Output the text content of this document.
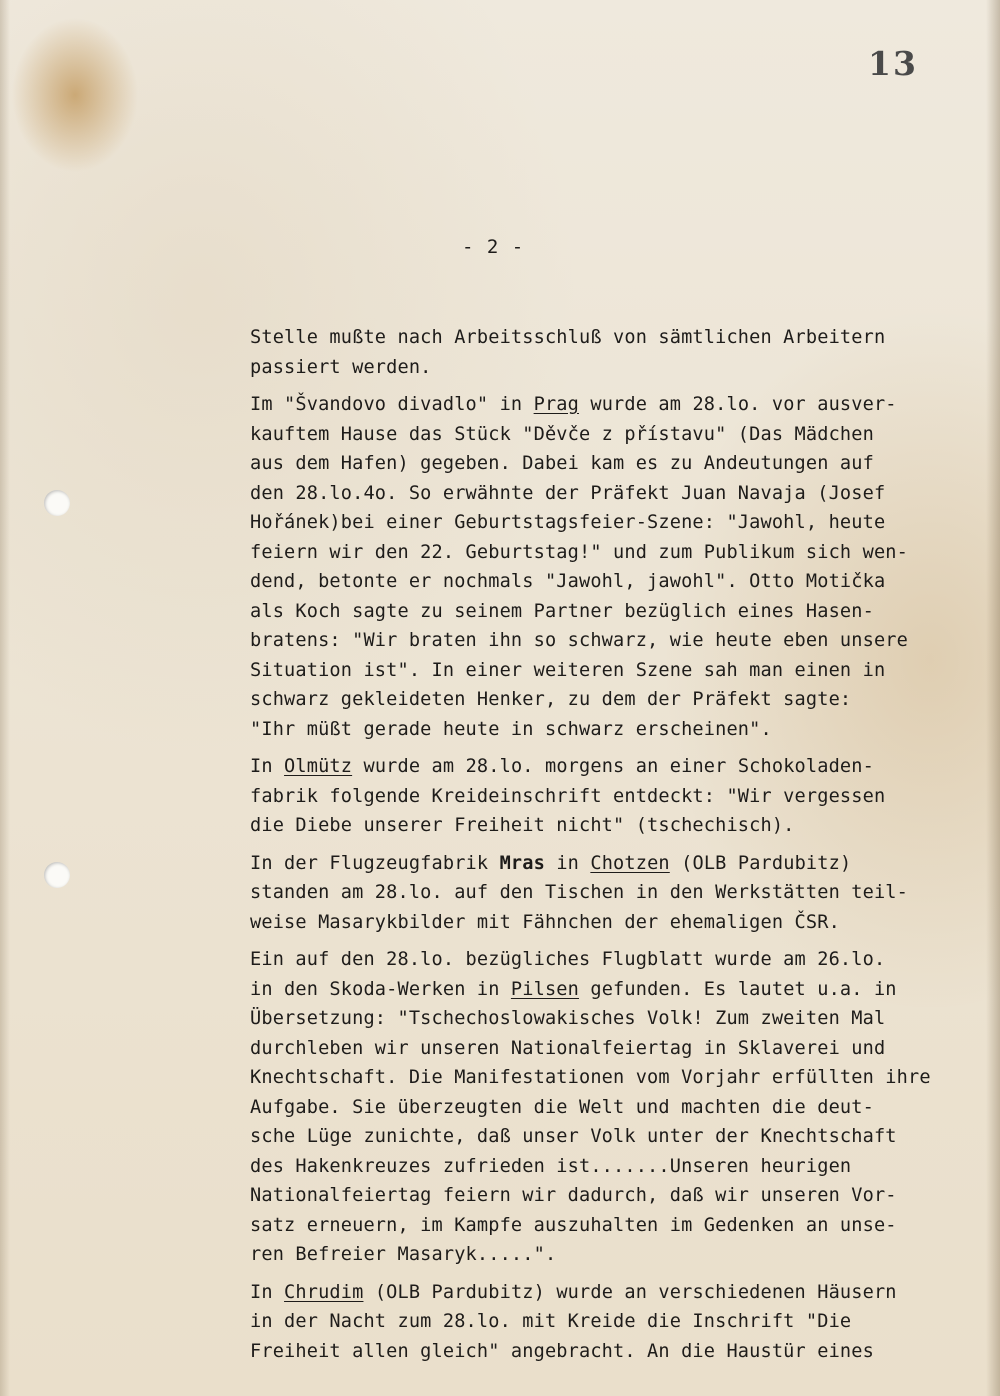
13
- 2 -
Stelle mußte nach Arbeitsschluß von sämtlichen Arbeitern
passiert werden.
Im "Švandovo divadlo" in Prag wurde am 28.lo. vor ausver-
kauftem Hause das Stück "Děvče z přístavu" (Das Mädchen
aus dem Hafen) gegeben. Dabei kam es zu Andeutungen auf
den 28.lo.4o. So erwähnte der Präfekt Juan Navaja (Josef
Hořánek)bei einer Geburtstagsfeier-Szene: "Jawohl, heute
feiern wir den 22. Geburtstag!" und zum Publikum sich wen-
dend, betonte er nochmals "Jawohl, jawohl". Otto Motička
als Koch sagte zu seinem Partner bezüglich eines Hasen-
bratens: "Wir braten ihn so schwarz, wie heute eben unsere
Situation ist". In einer weiteren Szene sah man einen in
schwarz gekleideten Henker, zu dem der Präfekt sagte:
"Ihr müßt gerade heute in schwarz erscheinen".
In Olmütz wurde am 28.lo. morgens an einer Schokoladen-
fabrik folgende Kreideinschrift entdeckt: "Wir vergessen
die Diebe unserer Freiheit nicht" (tschechisch).
In der Flugzeugfabrik Mras in Chotzen (OLB Pardubitz)
standen am 28.lo. auf den Tischen in den Werkstätten teil-
weise Masarykbilder mit Fähnchen der ehemaligen ČSR.
Ein auf den 28.lo. bezügliches Flugblatt wurde am 26.lo.
in den Skoda-Werken in Pilsen gefunden. Es lautet u.a. in
Übersetzung: "Tschechoslowakisches Volk! Zum zweiten Mal
durchleben wir unseren Nationalfeiertag in Sklaverei und
Knechtschaft. Die Manifestationen vom Vorjahr erfüllten ihre
Aufgabe. Sie überzeugten die Welt und machten die deut-
sche Lüge zunichte, daß unser Volk unter der Knechtschaft
des Hakenkreuzes zufrieden ist.......Unseren heurigen
Nationalfeiertag feiern wir dadurch, daß wir unseren Vor-
satz erneuern, im Kampfe auszuhalten im Gedenken an unse-
ren Befreier Masaryk.....".
In Chrudim (OLB Pardubitz) wurde an verschiedenen Häusern
in der Nacht zum 28.lo. mit Kreide die Inschrift "Die
Freiheit allen gleich" angebracht. An die Haustür eines
